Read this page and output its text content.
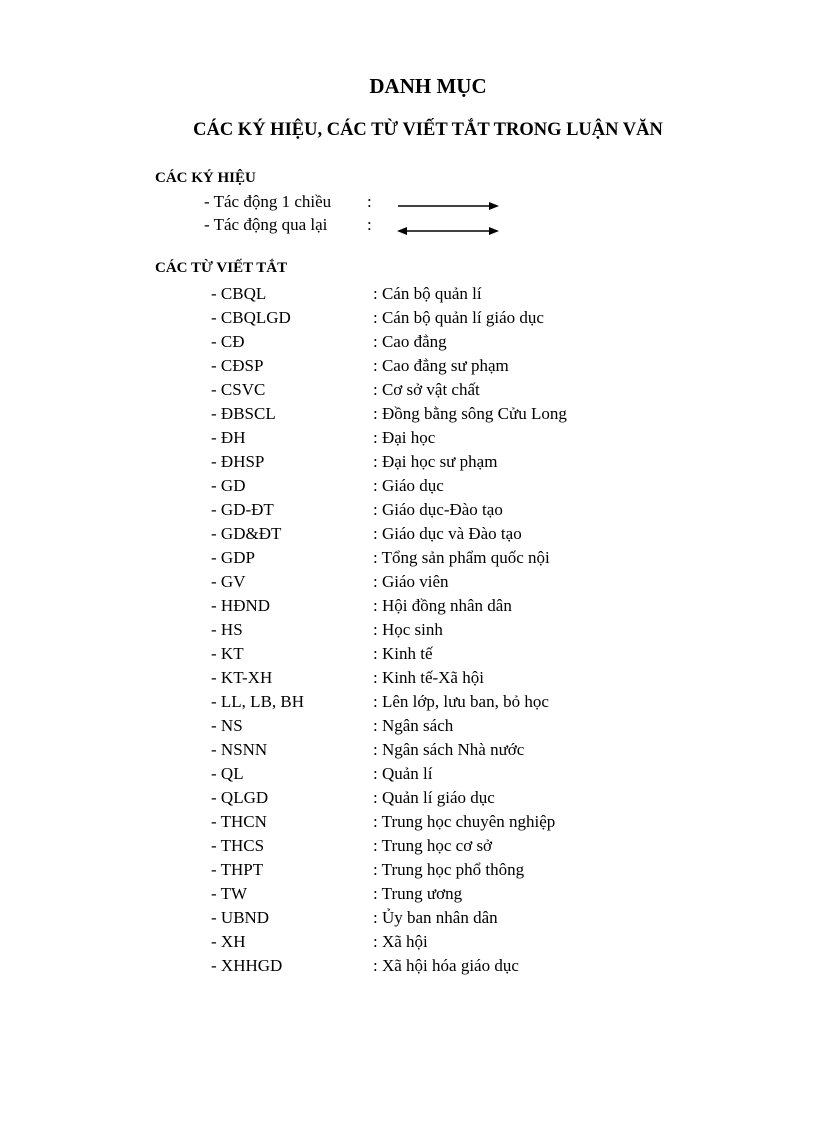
DANH MỤC
CÁC KÝ HIỆU, CÁC TỪ VIẾT TẮT TRONG LUẬN VĂN
CÁC KÝ HIỆU
- Tác động 1 chiều :
- Tác động qua lại :
CÁC TỪ VIẾT TẮT
- CBQL	: Cán bộ quản lí
- CBQLGD	: Cán bộ quản lí giáo dục
- CĐ	: Cao đẳng
- CĐSP	: Cao đẳng sư phạm
- CSVC	: Cơ sở vật chất
- ĐBSCL	: Đồng bằng sông Cửu Long
- ĐH	: Đại học
- ĐHSP	: Đại học sư phạm
- GD	: Giáo dục
- GD-ĐT	: Giáo dục-Đào tạo
- GD&ĐT	: Giáo dục và Đào tạo
- GDP	: Tổng sản phẩm quốc nội
- GV	: Giáo viên
- HĐND	: Hội đồng nhân dân
- HS	: Học sinh
- KT	: Kinh tế
- KT-XH	: Kinh tế-Xã hội
- LL, LB, BH	: Lên lớp, lưu ban, bỏ học
- NS	: Ngân sách
- NSNN	: Ngân sách Nhà nước
- QL	: Quản lí
- QLGD	: Quản lí giáo dục
- THCN	: Trung học chuyên nghiệp
- THCS	: Trung học cơ sở
- THPT	: Trung học phổ thông
- TW	: Trung ương
- UBND	: Ủy ban nhân dân
- XH	: Xã hội
- XHHGD	: Xã hội hóa giáo dục
